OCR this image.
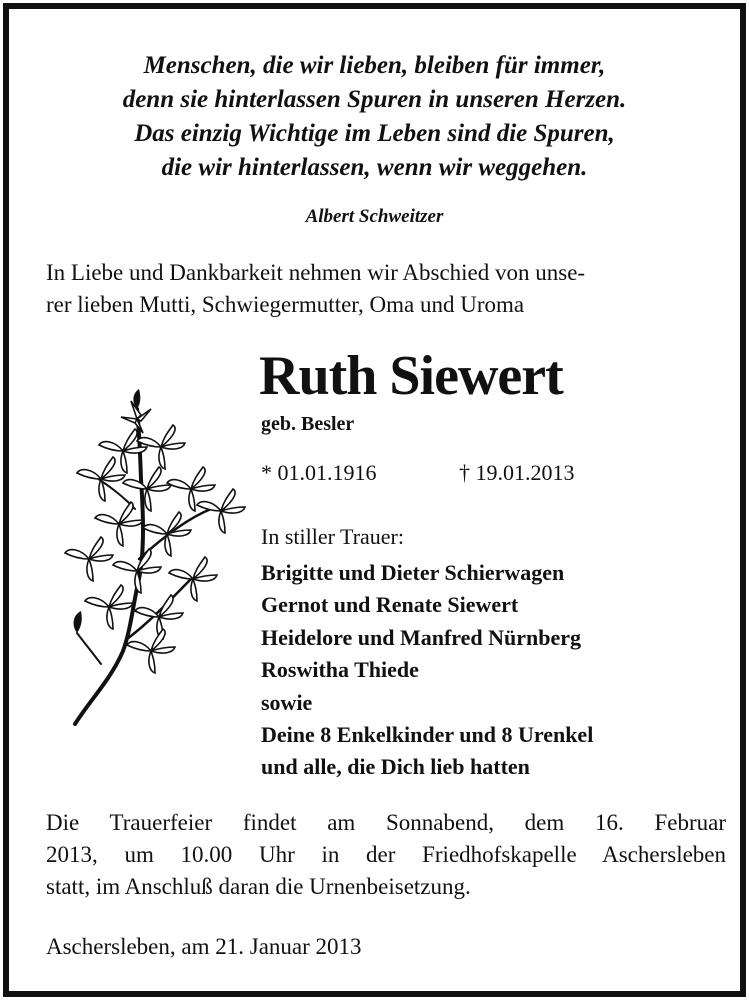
Menschen, die wir lieben, bleiben für immer,
denn sie hinterlassen Spuren in unseren Herzen.
Das einzig Wichtige im Leben sind die Spuren,
die wir hinterlassen, wenn wir weggehen.
Albert Schweitzer
In Liebe und Dankbarkeit nehmen wir Abschied von unse-
rer lieben Mutti, Schwiegermutter, Oma und Uroma
Ruth Siewert
geb. Besler
* 01.01.1916	† 19.01.2013
In stiller Trauer:
Brigitte und Dieter Schierwagen
Gernot und Renate Siewert
Heidelore und Manfred Nürnberg
Roswitha Thiede
sowie
Deine 8 Enkelkinder und 8 Urenkel
und alle, die Dich lieb hatten
Die Trauerfeier findet am Sonnabend, dem 16. Februar
2013, um 10.00 Uhr in der Friedhofskapelle Aschersleben
statt, im Anschluß daran die Urnenbeisetzung.
Aschersleben, am 21. Januar 2013
